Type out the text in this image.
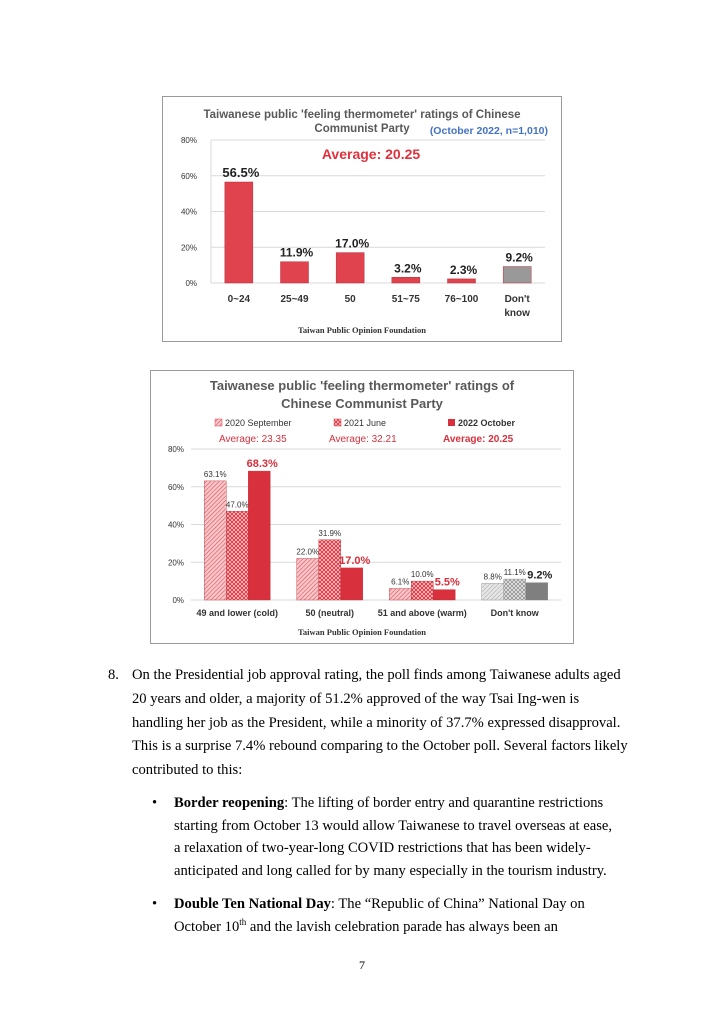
Taiwanese public 'feeling thermometer' ratings of Chinese
Communist Party (October 2022, n=1,010)
Average: 20.25
0%
20%
40%
60%
80%
56.5%
11.9%
17.0%
3.2% 2.3%
9.2%
0~24	25~49	50	51~75 76~100	Don't
know
Taiwan Public Opinion Foundation
Taiwanese public 'feeling thermometer' ratings of
Chinese Communist Party
2020 September
Average: 23.35
2021 June
Average: 32.21
2022 October
Average: 20.25
0%
20%
40%
60%
80%
63.1%
47.0%
68.3%
22.0%
31.9%
17.0%
6.1%
10.0%
5.5%	8.8% 11.1% 9.2%
49 and lower (cold)	50 (neutral)	51 and above (warm)	Don't know
Taiwan Public Opinion Foundation
8. On the Presidential job approval rating, the poll finds among Taiwanese adults aged 20 years and older, a majority of 51.2% approved of the way Tsai Ing-wen is handling her job as the President, while a minority of 37.7% expressed disapproval. This is a surprise 7.4% rebound comparing to the October poll. Several factors likely contributed to this:
• Border reopening: The lifting of border entry and quarantine restrictions starting from October 13 would allow Taiwanese to travel overseas at ease, a relaxation of two-year-long COVID restrictions that has been widely-anticipated and long called for by many especially in the tourism industry.
• Double Ten National Day: The “Republic of China” National Day on October 10th and the lavish celebration parade has always been an
7
